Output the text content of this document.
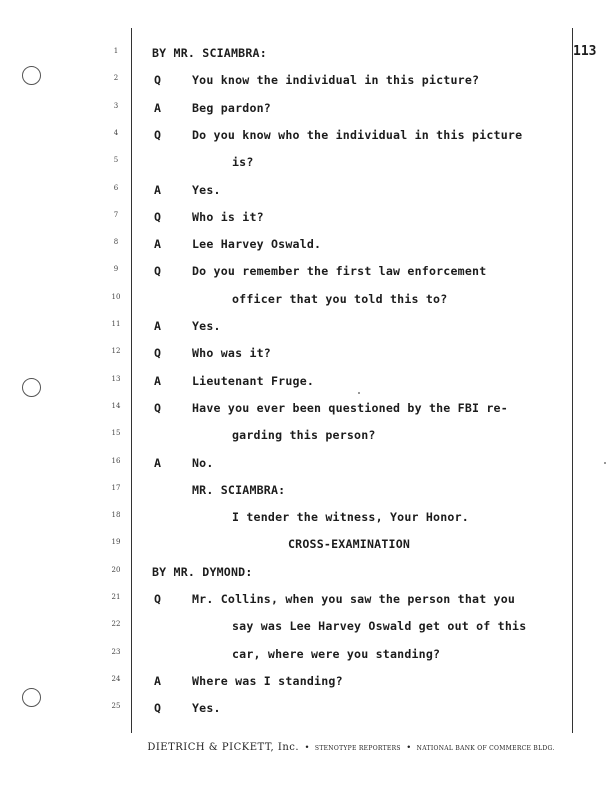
113
1
2
3
4
5
6
7
8
9
10
11
12
13
14
15
16
17
18
19
20
21
22
23
24
25
BY MR. SCIAMBRA:
Q	You know the individual in this picture?
A	Beg pardon?
Q	Do you know who the individual in this picture
is?
A	Yes.
Q	Who is it?
A	Lee Harvey Oswald.
Q	Do you remember the first law enforcement
officer that you told this to?
A	Yes.
Q	Who was it?
A	Lieutenant Fruge.
Q	Have you ever been questioned by the FBI re-
garding this person?
A	No.
MR. SCIAMBRA:
I tender the witness, Your Honor.
CROSS-EXAMINATION
BY MR. DYMOND:
Q	Mr. Collins, when you saw the person that you
say was Lee Harvey Oswald get out of this
car, where were you standing?
A	Where was I standing?
Q	Yes.
DIETRICH & PICKETT, Inc. • STENOTYPE REPORTERS • NATIONAL BANK OF COMMERCE BLDG.
